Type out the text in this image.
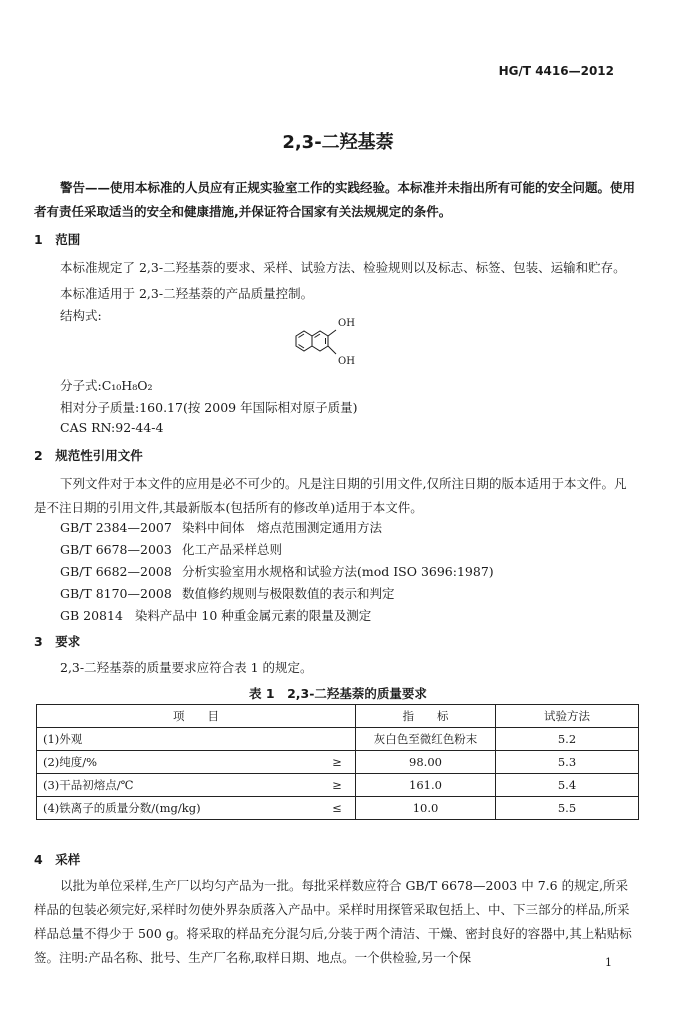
HG/T 4416—2012
2,3-二羟基萘
警告——使用本标准的人员应有正规实验室工作的实践经验。本标准并未指出所有可能的安全问题。使用者有责任采取适当的安全和健康措施,并保证符合国家有关法规规定的条件。
1　范围
本标准规定了 2,3-二羟基萘的要求、采样、试验方法、检验规则以及标志、标签、包装、运输和贮存。
本标准适用于 2,3-二羟基萘的产品质量控制。
结构式:
OH
OH
分子式:C₁₀H₈O₂
相对分子质量:160.17(按 2009 年国际相对原子质量)
CAS RN:92-44-4
2　规范性引用文件
下列文件对于本文件的应用是必不可少的。凡是注日期的引用文件,仅所注日期的版本适用于本文件。凡是不注日期的引用文件,其最新版本(包括所有的修改单)适用于本文件。
GB/T 2384—2007 染料中间体　熔点范围测定通用方法
GB/T 6678—2003 化工产品采样总则
GB/T 6682—2008 分析实验室用水规格和试验方法(mod ISO 3696:1987)
GB/T 8170—2008 数值修约规则与极限数值的表示和判定
GB 20814 染料产品中 10 种重金属元素的限量及测定
3　要求
2,3-二羟基萘的质量要求应符合表 1 的规定。
表 1　2,3-二羟基萘的质量要求
项　　目		指　　标	试验方法
(1)外观		灰白色至微红色粉末	5.2
(2)纯度/%	≥	98.00	5.3
(3)干品初熔点/℃	≥	161.0	5.4
(4)铁离子的质量分数/(mg/kg)	≤	10.0	5.5
4　采样
以批为单位采样,生产厂以均匀产品为一批。每批采样数应符合 GB/T 6678—2003 中 7.6 的规定,所采样品的包装必须完好,采样时勿使外界杂质落入产品中。采样时用探管采取包括上、中、下三部分的样品,所采样品总量不得少于 500 g。将采取的样品充分混匀后,分装于两个清洁、干燥、密封良好的容器中,其上粘贴标签。注明:产品名称、批号、生产厂名称,取样日期、地点。一个供检验,另一个保	1
